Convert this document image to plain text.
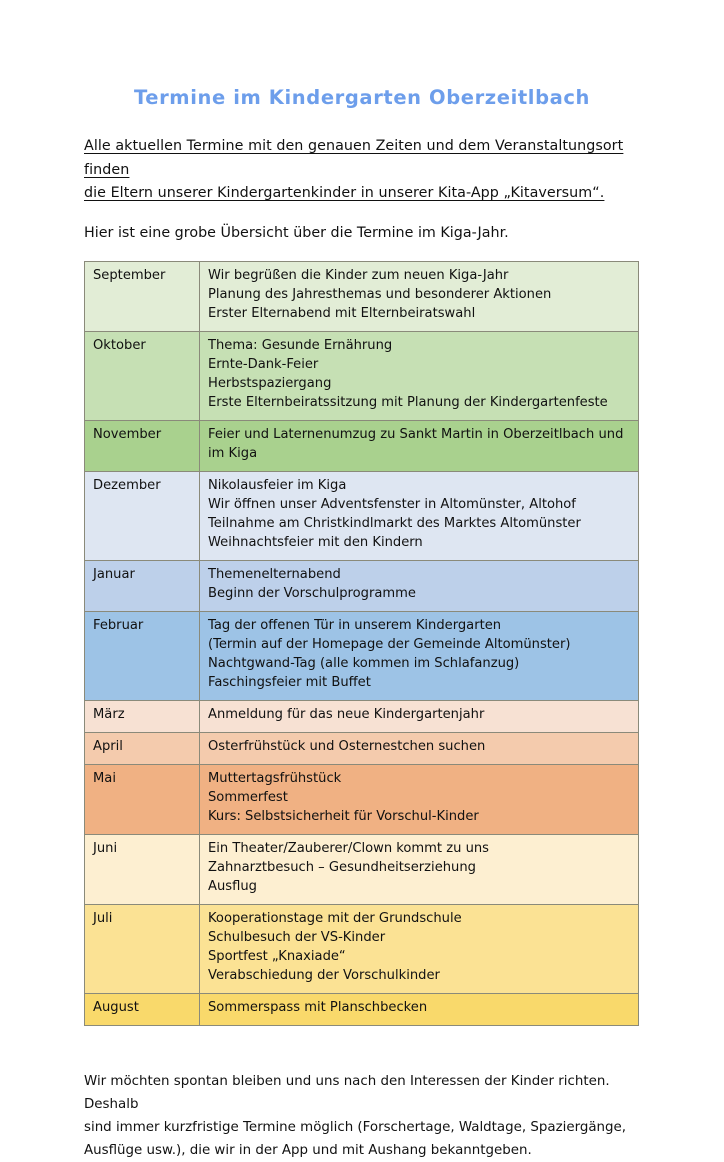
Termine im Kindergarten Oberzeitlbach

Alle aktuellen Termine mit den genauen Zeiten und dem Veranstaltungsort finden
die Eltern unserer Kindergartenkinder in unserer Kita-App „Kitaversum“.

Hier ist eine grobe Übersicht über die Termine im Kiga-Jahr.

September	Wir begrüßen die Kinder zum neuen Kiga-Jahr
Planung des Jahresthemas und besonderer Aktionen
Erster Elternabend mit Elternbeiratswahl

Oktober	Thema: Gesunde Ernährung
Ernte-Dank-Feier
Herbstspaziergang
Erste Elternbeiratssitzung mit Planung der Kindergartenfeste

November	Feier und Laternenumzug zu Sankt Martin in Oberzeitlbach und im Kiga

Dezember	Nikolausfeier im Kiga
Wir öffnen unser Adventsfenster in Altomünster, Altohof
Teilnahme am Christkindlmarkt des Marktes Altomünster
Weihnachtsfeier mit den Kindern

Januar	Themenelternabend
Beginn der Vorschulprogramme

Februar	Tag der offenen Tür in unserem Kindergarten
(Termin auf der Homepage der Gemeinde Altomünster)
Nachtgwand-Tag (alle kommen im Schlafanzug)
Faschingsfeier mit Buffet

März	Anmeldung für das neue Kindergartenjahr

April	Osterfrühstück und Osternestchen suchen

Mai	Muttertagsfrühstück
Sommerfest
Kurs: Selbstsicherheit für Vorschul-Kinder

Juni	Ein Theater/Zauberer/Clown kommt zu uns
Zahnarztbesuch – Gesundheitserziehung
Ausflug

Juli	Kooperationstage mit der Grundschule
Schulbesuch der VS-Kinder
Sportfest „Knaxiade“
Verabschiedung der Vorschulkinder

August	Sommerspass mit Planschbecken

Wir möchten spontan bleiben und uns nach den Interessen der Kinder richten. Deshalb
sind immer kurzfristige Termine möglich (Forschertage, Waldtage, Spaziergänge,
Ausflüge usw.), die wir in der App und mit Aushang bekanntgeben.
